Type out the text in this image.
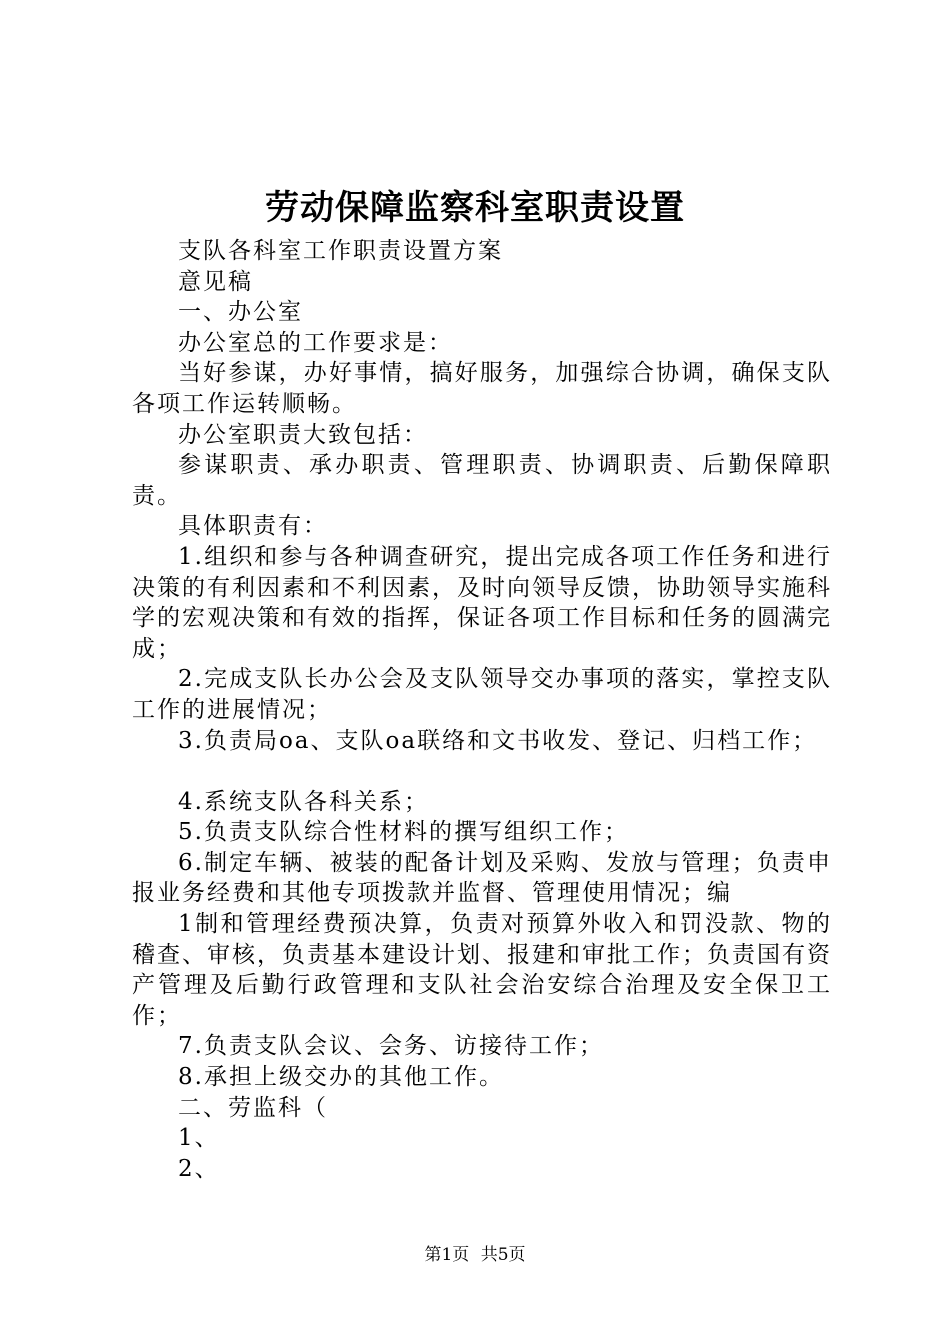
劳动保障监察科室职责设置

支队各科室工作职责设置方案

意见稿

一、办公室

办公室总的工作要求是：

当好参谋，办好事情，搞好服务，加强综合协调，确保支队各项工作运转顺畅。

办公室职责大致包括：

参谋职责、承办职责、管理职责、协调职责、后勤保障职责。

具体职责有：

1.组织和参与各种调查研究，提出完成各项工作任务和进行决策的有利因素和不利因素，及时向领导反馈，协助领导实施科学的宏观决策和有效的指挥，保证各项工作目标和任务的圆满完成；

2.完成支队长办公会及支队领导交办事项的落实，掌控支队工作的进展情况；

3.负责局oa、支队oa联络和文书收发、登记、归档工作；

4.系统支队各科关系；

5.负责支队综合性材料的撰写组织工作；

6.制定车辆、被装的配备计划及采购、发放与管理；负责申报业务经费和其他专项拨款并监督、管理使用情况；编

1制和管理经费预决算，负责对预算外收入和罚没款、物的稽查、审核，负责基本建设计划、报建和审批工作；负责国有资产管理及后勤行政管理和支队社会治安综合治理及安全保卫工作；

7.负责支队会议、会务、访接待工作；

8.承担上级交办的其他工作。

二、劳监科（

1、

2、

第1页 共5页
